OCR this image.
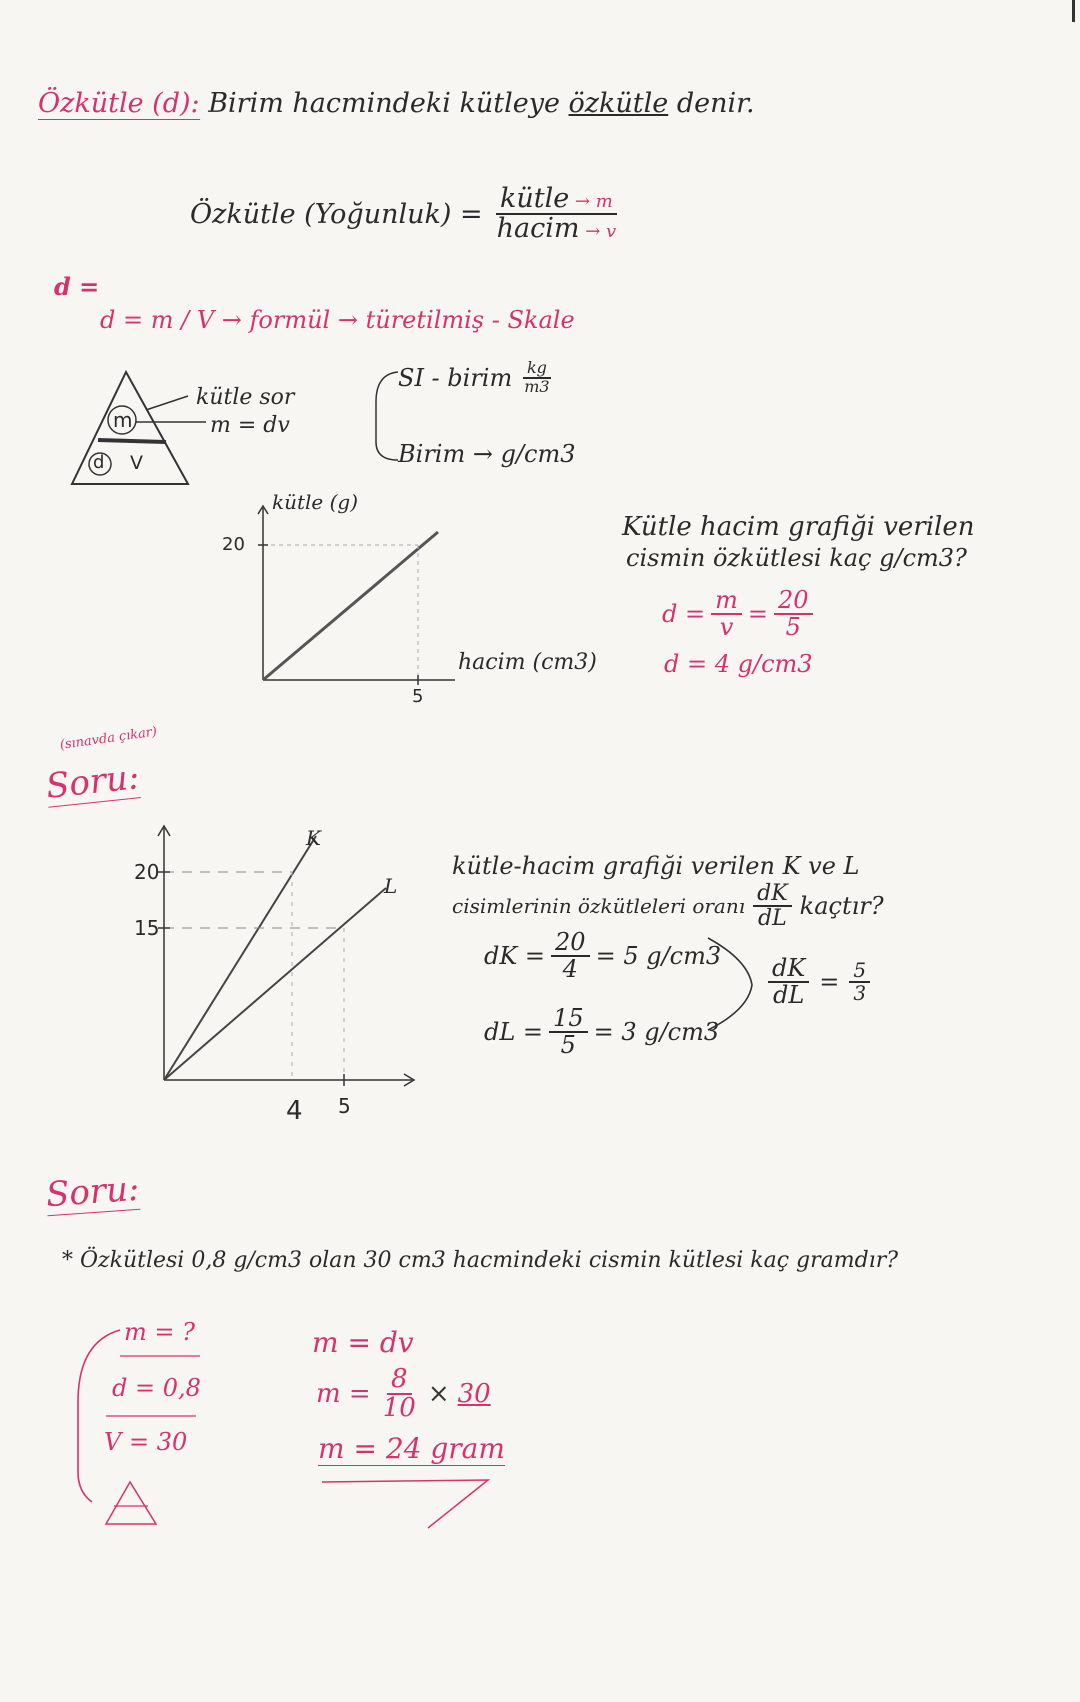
Özkütle (d): Birim hacmindeki kütleye özkütle denir.
Özkütle (Yoğunluk) = $\frac{\text{kütle → m}}{\text{hacim → v}}$
d =
d = m / V → formül → türetilmiş - Skale
m
d V
kütle sor
m = dv
SI - birim $\frac{kg}{m3}$
Birim → g/cm3
kütle (g)
20
5
hacim (cm3)
Kütle hacim grafiği verilen
cismin özkütlesi kaç g/cm3?
$d = \frac{m}{v} = \frac{20}{5}$
d = 4 g/cm3
(sınavda çıkar)
Soru:
K
L
20
15
4 5
kütle-hacim grafiği verilen K ve L
cisimlerinin özkütleleri oranı $\frac{dK}{dL}$ kaçtır?
dK = $\frac{20}{4} = 5$ g/cm3
dL = $\frac{15}{5} = 3$ g/cm3
$\frac{dK}{dL} = \frac{5}{3}$
Soru:
* Özkütlesi 0,8 g/cm3 olan 30 cm3 hacmindeki cismin kütlesi kaç gramdır?
m = ?
d = 0,8
V = 30
m = dv
$m = \frac{8}{10} \times 30$
m = 24 gram
